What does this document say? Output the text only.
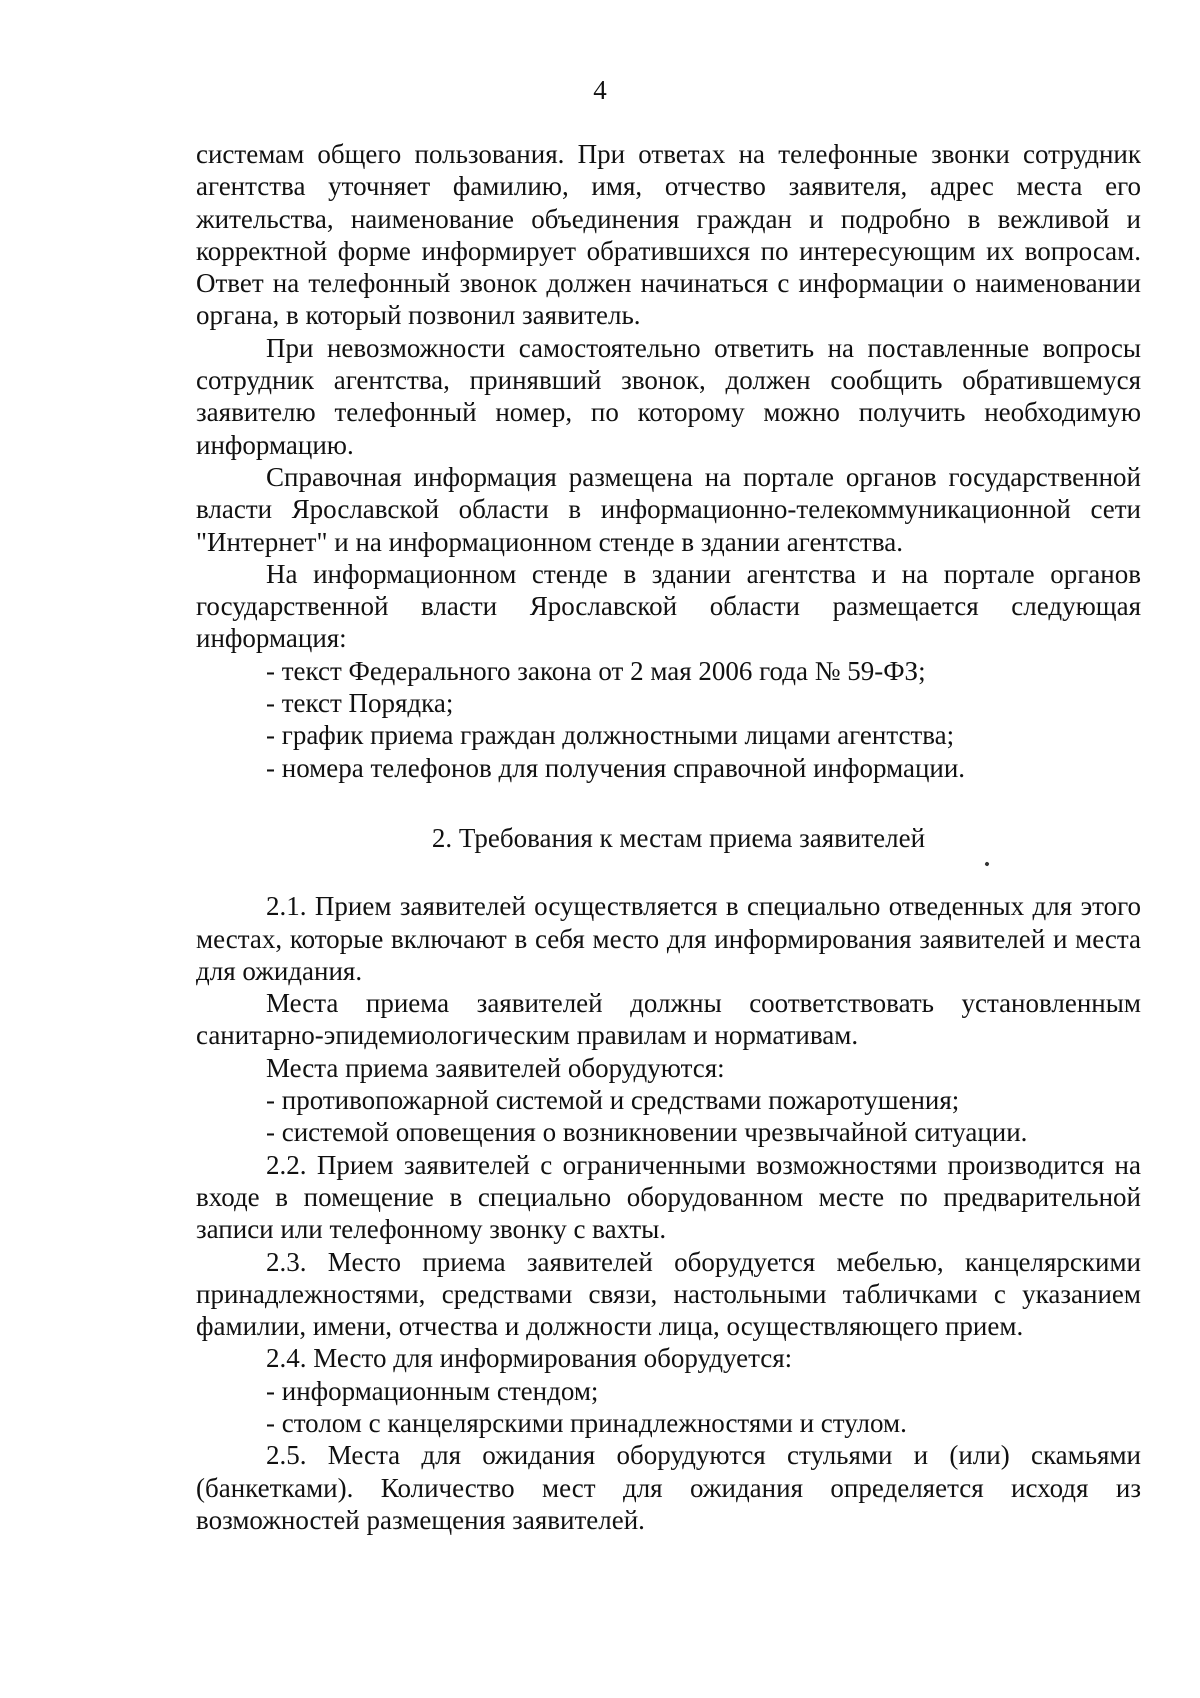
4

системам общего пользования. При ответах на телефонные звонки сотрудник агентства уточняет фамилию, имя, отчество заявителя, адрес места его жительства, наименование объединения граждан и подробно в вежливой и корректной форме информирует обратившихся по интересующим их вопросам. Ответ на телефонный звонок должен начинаться с информации о наименовании органа, в который позвонил заявитель.

При невозможности самостоятельно ответить на поставленные вопросы сотрудник агентства, принявший звонок, должен сообщить обратившемуся заявителю телефонный номер, по которому можно получить необходимую информацию.

Справочная информация размещена на портале органов государственной власти Ярославской области в информационно-телекоммуникационной сети "Интернет" и на информационном стенде в здании агентства.

На информационном стенде в здании агентства и на портале органов государственной власти Ярославской области размещается следующая информация:

- текст Федерального закона от 2 мая 2006 года № 59-ФЗ;

- текст Порядка;

- график приема граждан должностными лицами агентства;

- номера телефонов для получения справочной информации.

2. Требования к местам приема заявителей

2.1. Прием заявителей осуществляется в специально отведенных для этого местах, которые включают в себя место для информирования заявителей и места для ожидания.

Места приема заявителей должны соответствовать установленным санитарно-эпидемиологическим правилам и нормативам.

Места приема заявителей оборудуются:

- противопожарной системой и средствами пожаротушения;

- системой оповещения о возникновении чрезвычайной ситуации.

2.2. Прием заявителей с ограниченными возможностями производится на входе в помещение в специально оборудованном месте по предварительной записи или телефонному звонку с вахты.

2.3. Место приема заявителей оборудуется мебелью, канцелярскими принадлежностями, средствами связи, настольными табличками с указанием фамилии, имени, отчества и должности лица, осуществляющего прием.

2.4. Место для информирования оборудуется:

- информационным стендом;

- столом с канцелярскими принадлежностями и стулом.

2.5. Места для ожидания оборудуются стульями и (или) скамьями (банкетками). Количество мест для ожидания определяется исходя из возможностей размещения заявителей.
